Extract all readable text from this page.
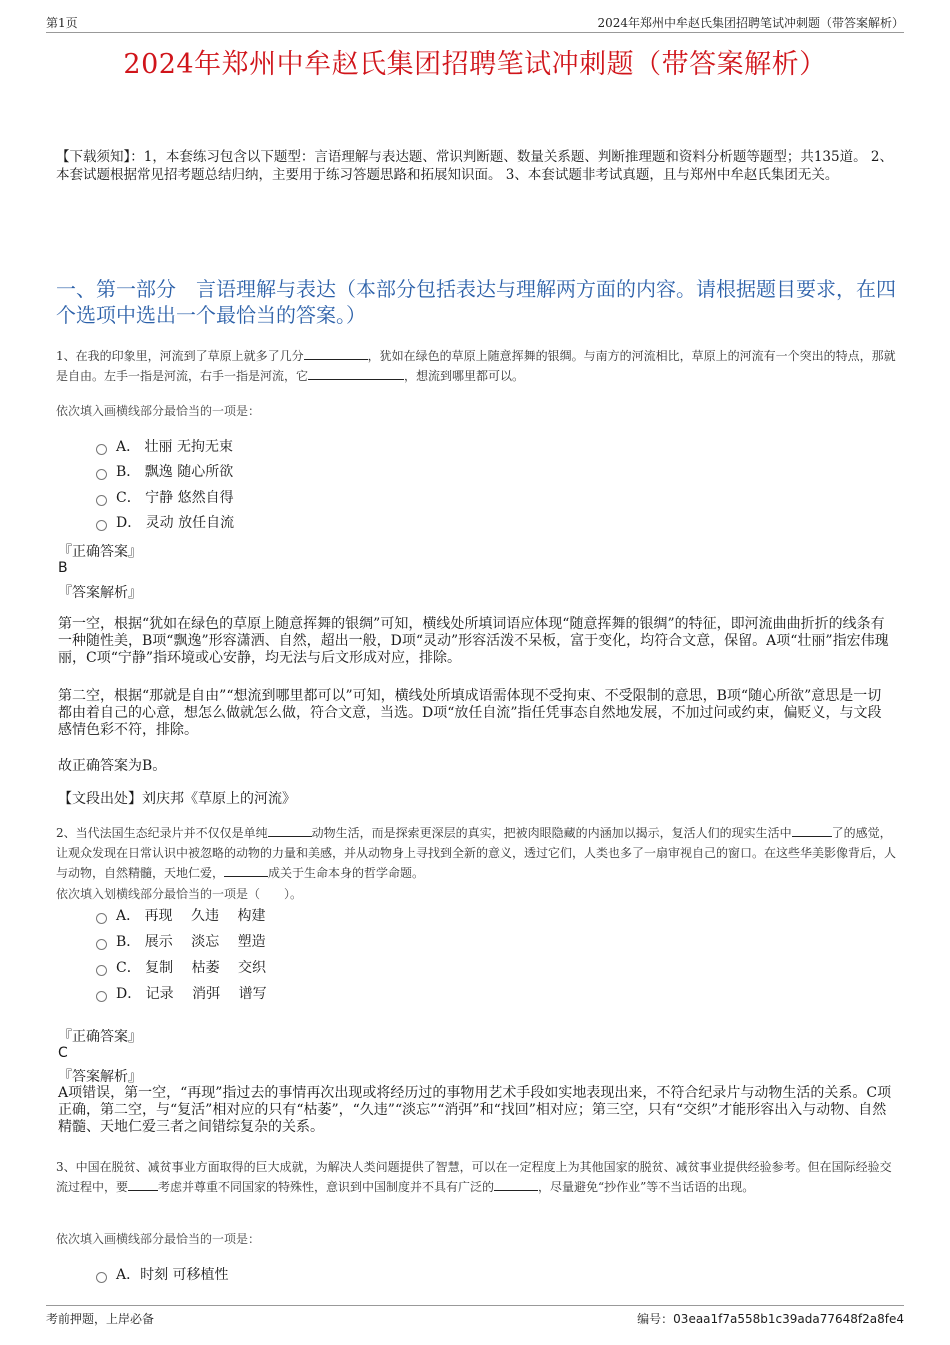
第1页	2024年郑州中牟赵氏集团招聘笔试冲刺题（带答案解析）
2024年郑州中牟赵氏集团招聘笔试冲刺题（带答案解析）
【下载须知】：1，本套练习包含以下题型：言语理解与表达题、常识判断题、数量关系题、判断推理题和资料分析题等题型；共135道。 2、本套试题根据常见招考题总结归纳，主要用于练习答题思路和拓展知识面。 3、本套试题非考试真题，且与郑州中牟赵氏集团无关。
一、第一部分　言语理解与表达（本部分包括表达与理解两方面的内容。请根据题目要求，在四个选项中选出一个最恰当的答案。）
1、在我的印象里，河流到了草原上就多了几分	，犹如在绿色的草原上随意挥舞的银绸。与南方的河流相比，草原上的河流有一个突出的特点，那就是自由。左手一指是河流，右手一指是河流，它	，想流到哪里都可以。
依次填入画横线部分最恰当的一项是：
A． 壮丽 无拘无束
B． 飘逸 随心所欲
C． 宁静 悠然自得
D． 灵动 放任自流
『正确答案』
B
『答案解析』
第一空，根据“犹如在绿色的草原上随意挥舞的银绸”可知，横线处所填词语应体现“随意挥舞的银绸”的特征，即河流曲曲折折的线条有一种随性美，B项“飘逸”形容潇洒、自然，超出一般，D项“灵动”形容活泼不呆板，富于变化，均符合文意，保留。A项“壮丽”指宏伟瑰丽，C项“宁静”指环境或心安静，均无法与后文形成对应，排除。
第二空，根据“那就是自由”“想流到哪里都可以”可知，横线处所填成语需体现不受拘束、不受限制的意思，B项“随心所欲”意思是一切都由着自己的心意，想怎么做就怎么做，符合文意，当选。D项“放任自流”指任凭事态自然地发展，不加过问或约束，偏贬义，与文段感情色彩不符，排除。
故正确答案为B。
【文段出处】刘庆邦《草原上的河流》
2、当代法国生态纪录片并不仅仅是单纯	动物生活，而是探索更深层的真实，把被肉眼隐藏的内涵加以揭示，复活人们的现实生活中	了的感觉，让观众发现在日常认识中被忽略的动物的力量和美感，并从动物身上寻找到全新的意义，透过它们，人类也多了一扇审视自己的窗口。在这些华美影像背后，人与动物，自然精髓，天地仁爱，	成关于生命本身的哲学命题。
依次填入划横线部分最恰当的一项是（　　）。
A． 再现　 久违　 构建
B． 展示　 淡忘　 塑造
C． 复制　 枯萎　 交织
D． 记录　 消弭　 谱写
『正确答案』
C
『答案解析』
A项错误，第一空，“再现”指过去的事情再次出现或将经历过的事物用艺术手段如实地表现出来，不符合纪录片与动物生活的关系。C项正确，第二空，与“复活”相对应的只有“枯萎”，“久违”“淡忘”“消弭”和“找回”相对应；第三空，只有“交织”才能形容出入与动物、自然精髓、天地仁爱三者之间错综复杂的关系。
3、中国在脱贫、减贫事业方面取得的巨大成就，为解决人类问题提供了智慧，可以在一定程度上为其他国家的脱贫、减贫事业提供经验参考。但在国际经验交流过程中，要	考虑并尊重不同国家的特殊性，意识到中国制度并不具有广泛的	，尽量避免“抄作业”等不当话语的出现。
依次填入画横线部分最恰当的一项是：
A．时刻 可移植性
考前押题，上岸必备	编号：03eaa1f7a558b1c39ada77648f2a8fe4
